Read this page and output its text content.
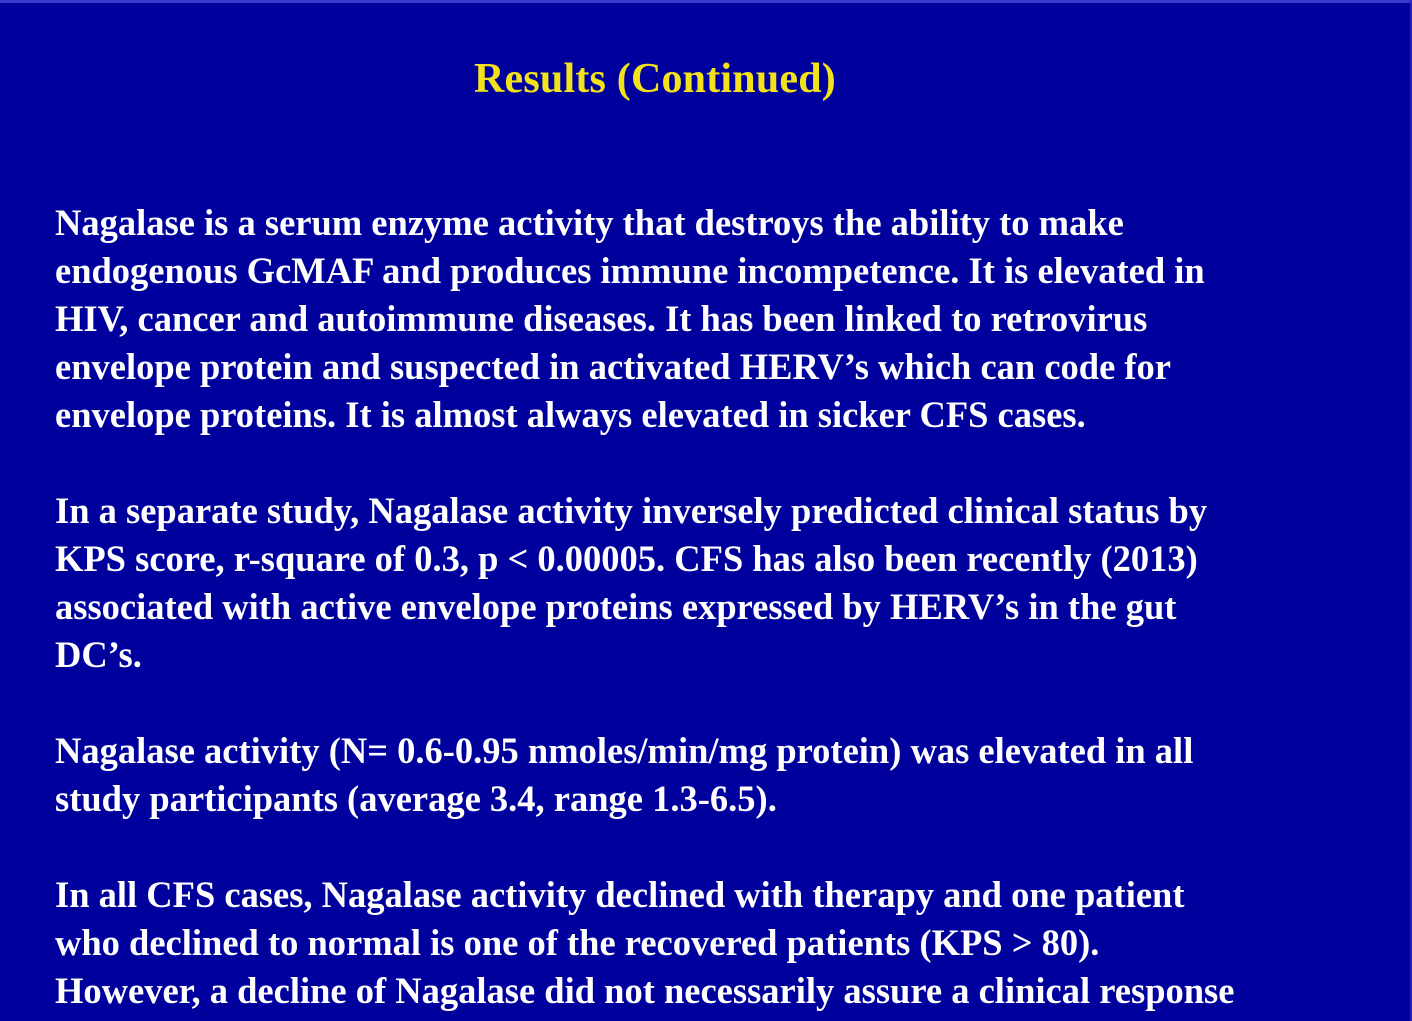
Results (Continued)

Nagalase is a serum enzyme activity that destroys the ability to make
endogenous GcMAF and produces immune incompetence. It is elevated in
HIV, cancer and autoimmune diseases. It has been linked to retrovirus
envelope protein and suspected in activated HERV’s which can code for
envelope proteins. It is almost always elevated in sicker CFS cases.

In a separate study, Nagalase activity inversely predicted clinical status by
KPS score, r-square of 0.3, p < 0.00005. CFS has also been recently (2013)
associated with active envelope proteins expressed by HERV’s in the gut
DC’s.

Nagalase activity (N= 0.6-0.95 nmoles/min/mg protein) was elevated in all
study participants (average 3.4, range 1.3-6.5).

In all CFS cases, Nagalase activity declined with therapy and one patient
who declined to normal is one of the recovered patients (KPS > 80).
However, a decline of Nagalase did not necessarily assure a clinical response
